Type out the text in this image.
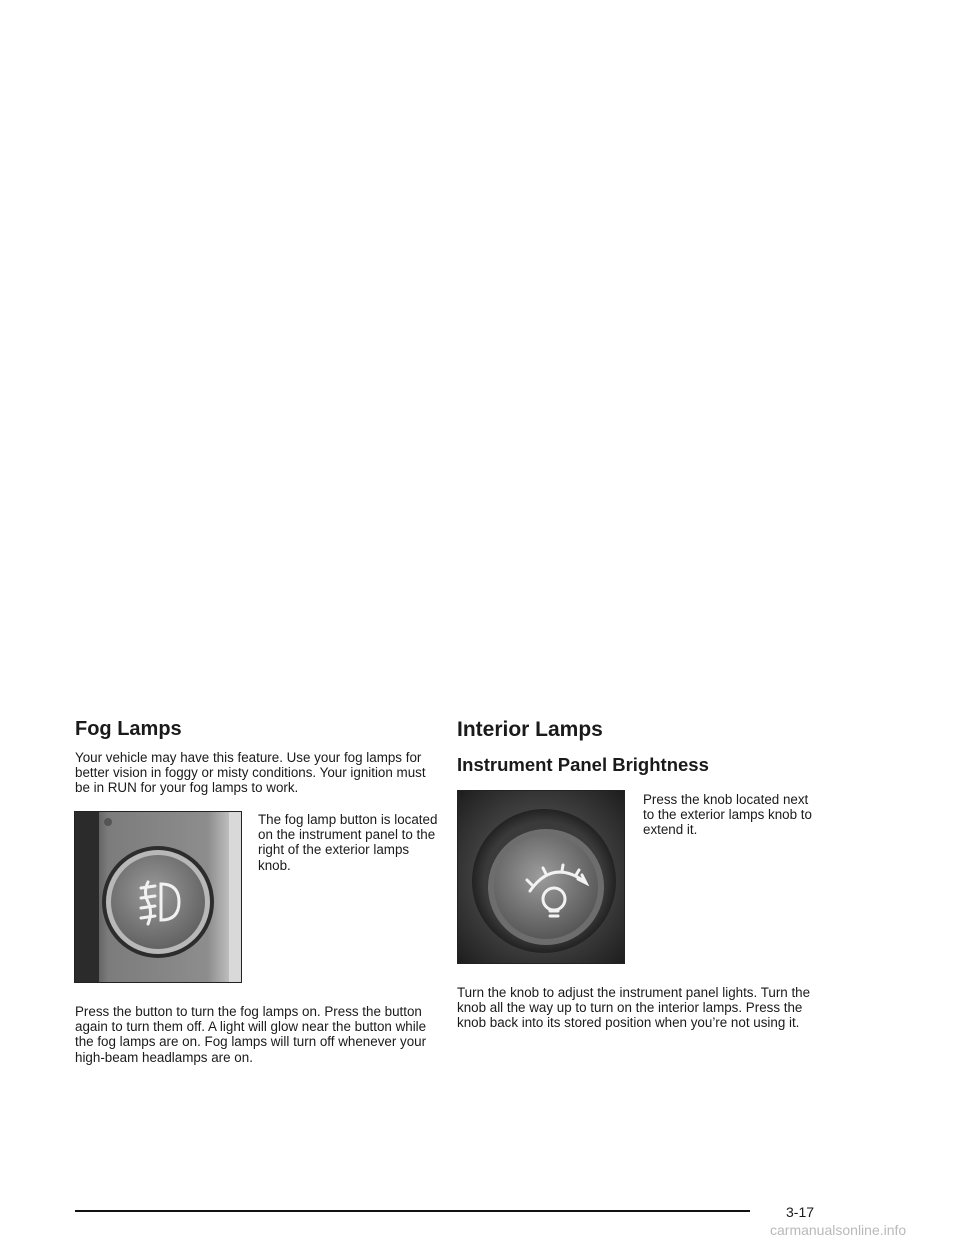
Fog Lamps

Your vehicle may have this feature. Use your fog lamps for better vision in foggy or misty conditions. Your ignition must be in RUN for your fog lamps to work.

The fog lamp button is located on the instrument panel to the right of the exterior lamps knob.

Press the button to turn the fog lamps on. Press the button again to turn them off. A light will glow near the button while the fog lamps are on. Fog lamps will turn off whenever your high-beam headlamps are on.

Interior Lamps
Instrument Panel Brightness

Press the knob located next to the exterior lamps knob to extend it.

Turn the knob to adjust the instrument panel lights. Turn the knob all the way up to turn on the interior lamps. Press the knob back into its stored position when you’re not using it.

3-17
carmanualsonline.info
